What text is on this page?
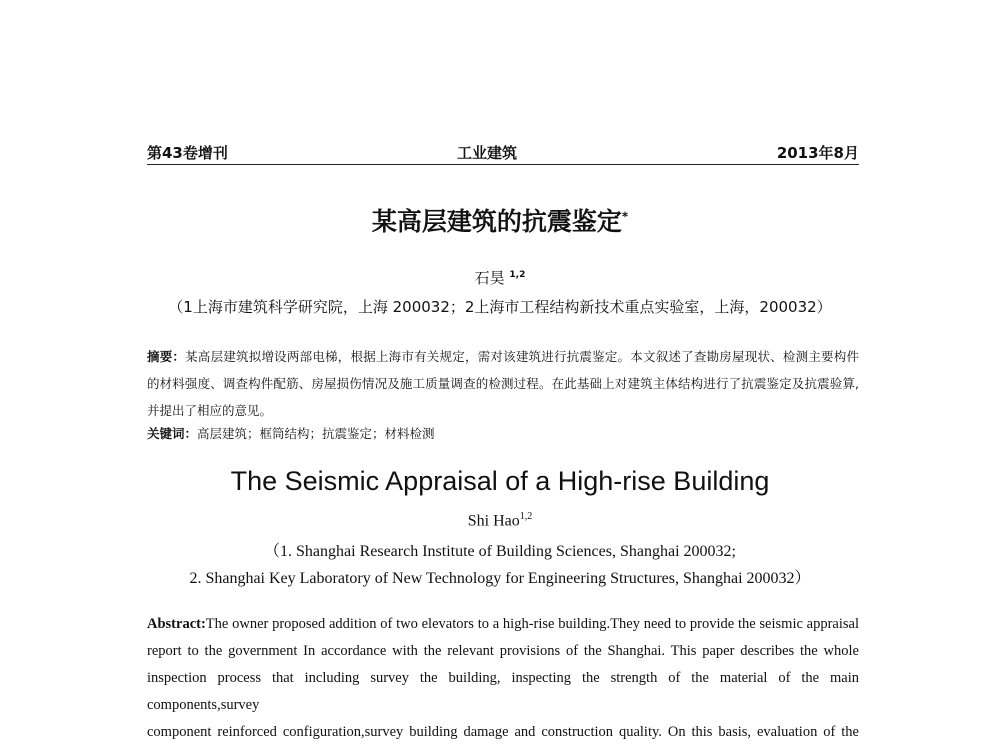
第43卷增刊	工业建筑	2013年8月
某高层建筑的抗震鉴定*
石昊 $^{1,2}$
（1上海市建筑科学研究院，上海 200032；2上海市工程结构新技术重点实验室，上海，200032）
摘要：某高层建筑拟增设两部电梯，根据上海市有关规定，需对该建筑进行抗震鉴定。本文叙述了查勘房屋现状、检测主要构件的材料强度、调查构件配筋、房屋损伤情况及施工质量调查的检测过程。在此基础上对建筑主体结构进行了抗震鉴定及抗震验算,并提出了相应的意见。
关键词：高层建筑；框筒结构；抗震鉴定；材料检测
The Seismic Appraisal of a High-rise Building
Shi Hao$^{1,2}$
（1. Shanghai Research Institute of Building Sciences, Shanghai 200032;
2. Shanghai Key Laboratory of New Technology for Engineering Structures, Shanghai 200032）
Abstract:The owner proposed addition of two elevators to a high-rise building.They need to provide the seismic appraisal
report to the government In accordance with the relevant provisions of the Shanghai. This paper describes the whole
inspection process that including survey the building, inspecting the strength of the material of the main components,survey
component reinforced configuration,survey building damage and construction quality. On this basis, evaluation of the
